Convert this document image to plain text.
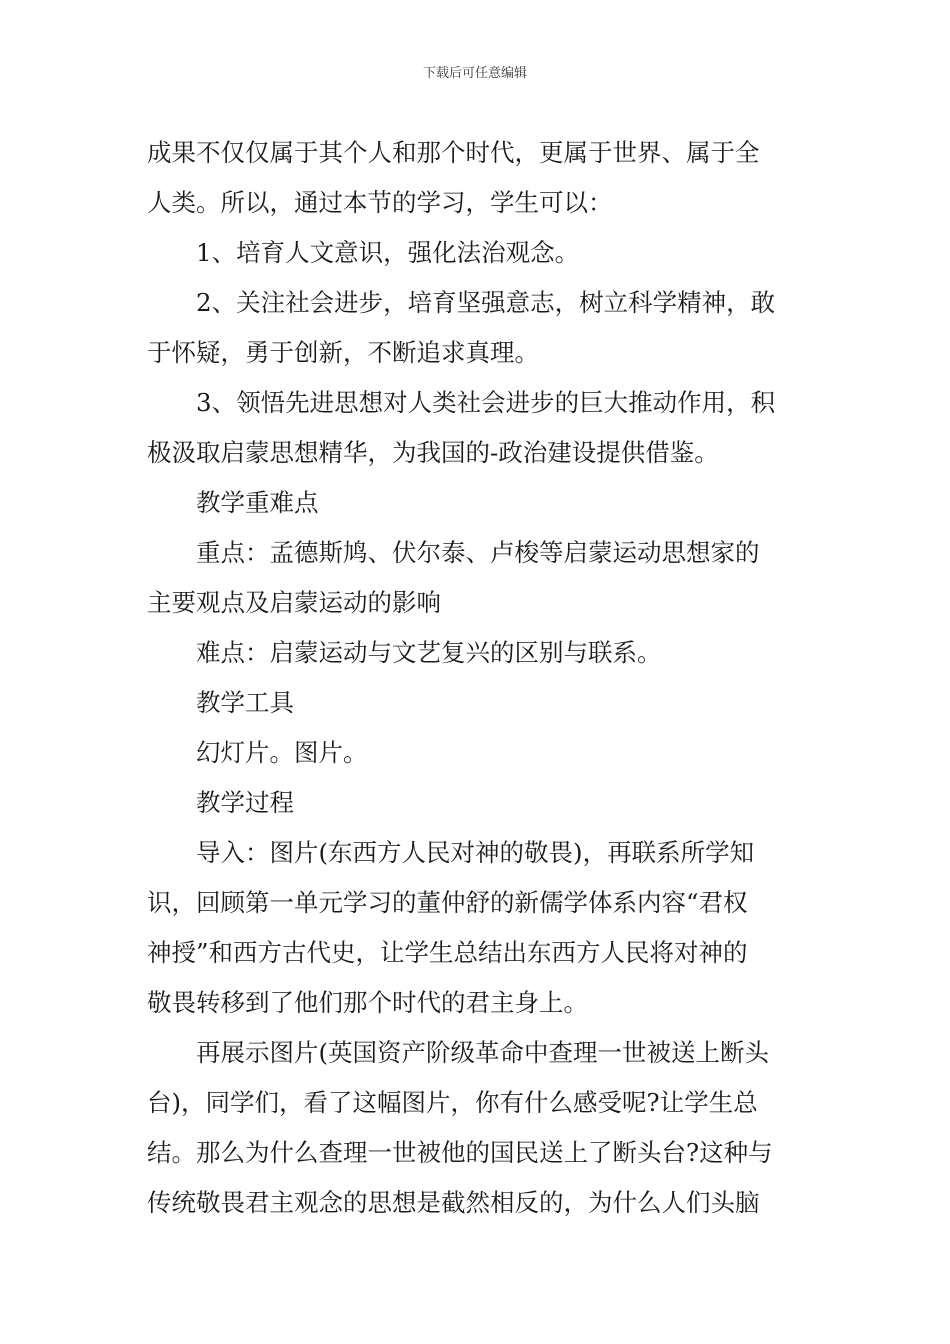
下载后可任意编辑
成果不仅仅属于其个人和那个时代，更属于世界、属于全
人类。所以，通过本节的学习，学生可以：
1、培育人文意识，强化法治观念。
2、关注社会进步，培育坚强意志，树立科学精神，敢
于怀疑，勇于创新，不断追求真理。
3、领悟先进思想对人类社会进步的巨大推动作用，积
极汲取启蒙思想精华，为我国的-政治建设提供借鉴。
教学重难点
重点：孟德斯鸠、伏尔泰、卢梭等启蒙运动思想家的
主要观点及启蒙运动的影响
难点：启蒙运动与文艺复兴的区别与联系。
教学工具
幻灯片。图片。
教学过程
导入：图片(东西方人民对神的敬畏)，再联系所学知
识，回顾第一单元学习的董仲舒的新儒学体系内容“君权
神授”和西方古代史，让学生总结出东西方人民将对神的
敬畏转移到了他们那个时代的君主身上。
再展示图片(英国资产阶级革命中查理一世被送上断头
台)，同学们，看了这幅图片，你有什么感受呢?让学生总
结。那么为什么查理一世被他的国民送上了断头台?这种与
传统敬畏君主观念的思想是截然相反的，为什么人们头脑
